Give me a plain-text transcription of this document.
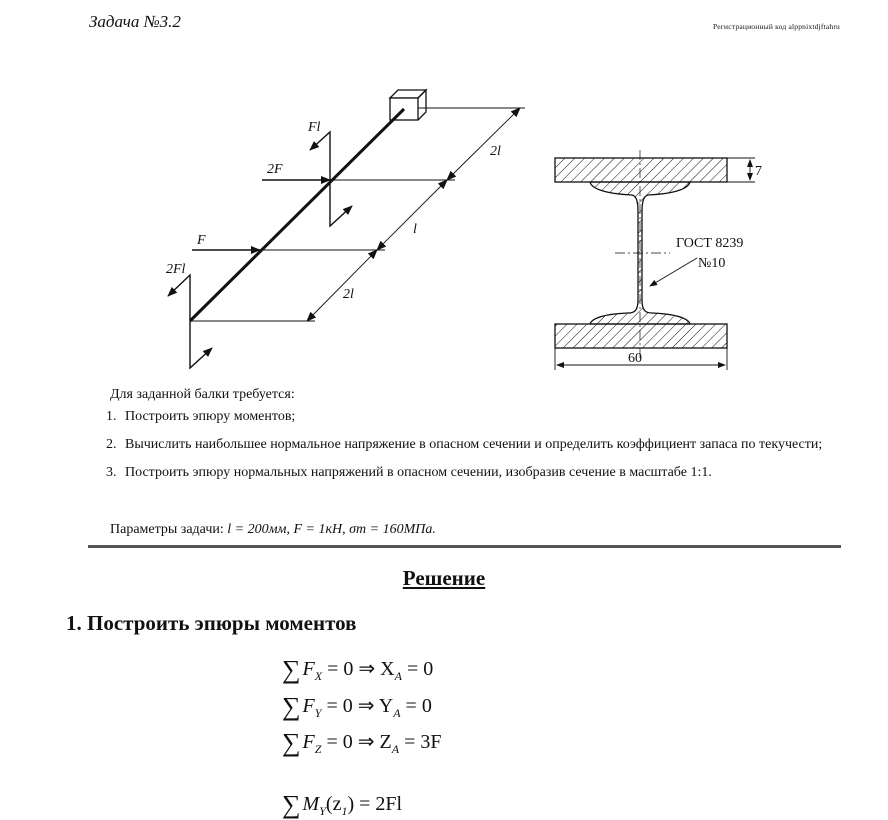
Задача №3.2	Регистрационный код alppnixtdjftahru
Fl
2F
F
2Fl
2l
l
2l
7
60
ГОСТ 8239
№10
Для заданной балки требуется:
1. Построить эпюру моментов;
2. Вычислить наибольшее нормальное напряжение в опасном сечении и определить коэффициент запаса по текучести;
3. Построить эпюру нормальных напряжений в опасном сечении, изобразив сечение в масштабе 1:1.
Параметры задачи: l = 200мм, F = 1кН, σт = 160МПа.
Решение
1. Построить эпюры моментов
∑ $F_X = 0$ ⇒ $X_A = 0$
∑ $F_Y = 0$ ⇒ $Y_A = 0$
∑ $F_Z = 0$ ⇒ $Z_A = 3F$
∑ $M_Y(z_1) = 2Fl$
